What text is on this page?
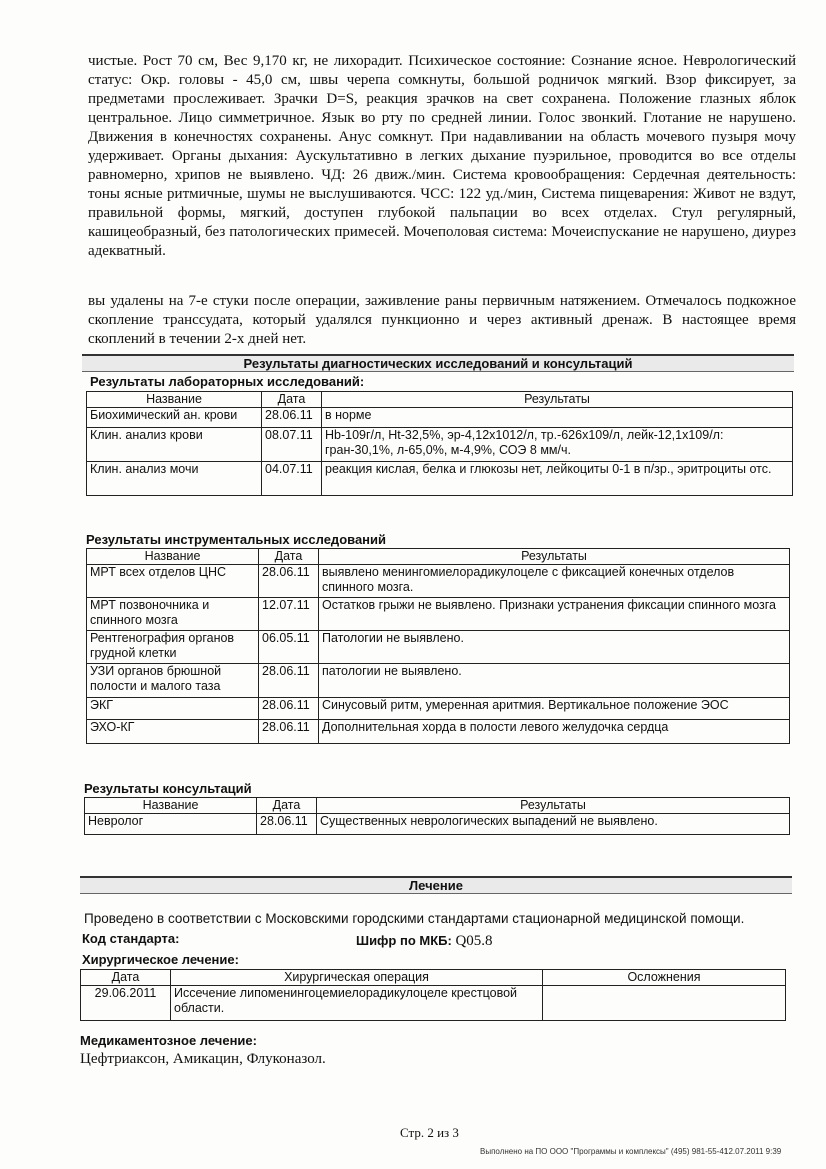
чистые. Рост 70 см, Вес 9,170 кг, не лихорадит. Психическое состояние: Сознание ясное. Неврологический статус: Окр. головы - 45,0 см, швы черепа сомкнуты, большой родничок мягкий. Взор фиксирует, за предметами прослеживает. Зрачки D=S, реакция зрачков на свет сохранена. Положение глазных яблок центральное. Лицо симметричное. Язык во рту по средней линии. Голос звонкий. Глотание не нарушено. Движения в конечностях сохранены. Анус сомкнут. При надавливании на область мочевого пузыря мочу удерживает. Органы дыхания: Аускультативно в легких дыхание пуэрильное, проводится во все отделы равномерно, хрипов не выявлено. ЧД: 26 движ./мин. Система кровообращения: Сердечная деятельность: тоны ясные ритмичные, шумы не выслушиваются. ЧСС: 122 уд./мин, Система пищеварения: Живот не вздут, правильной формы, мягкий, доступен глубокой пальпации во всех отделах. Стул регулярный, кашицеобразный, без патологических примесей. Мочеполовая система: Мочеиспускание не нарушено, диурез адекватный.

вы удалены на 7-е стуки после операции, заживление раны первичным натяжением. Отмечалось подкожное скопление транссудата, который удалялся пункционно и через активный дренаж. В настоящее время скоплений в течении 2-х дней нет.

Результаты диагностических исследований и консультаций
Результаты лабораторных исследований:
Название	Дата	Результаты
Биохимический ан. крови	28.06.11	в норме
Клин. анализ крови	08.07.11	Hb-109г/л, Ht-32,5%, эр-4,12х1012/л, тр.-626х109/л, лейк-12,1х109/л: гран-30,1%, л-65,0%, м-4,9%, СОЭ 8 мм/ч.
Клин. анализ мочи	04.07.11	реакция кислая, белка и глюкозы нет, лейкоциты 0-1 в п/зр., эритроциты отс.
Результаты инструментальных исследований
Название	Дата	Результаты
МРТ всех отделов ЦНС	28.06.11	выявлено менингомиелорадикулоцеле с фиксацией конечных отделов спинного мозга.
МРТ позвоночника и спинного мозга	12.07.11	Остатков грыжи не выявлено. Признаки устранения фиксации спинного мозга
Рентгенография органов грудной клетки	06.05.11	Патологии не выявлено.
УЗИ органов брюшной полости и малого таза	28.06.11	патологии не выявлено.
ЭКГ	28.06.11	Синусовый ритм, умеренная аритмия. Вертикальное положение ЭОС
ЭХО-КГ	28.06.11	Дополнительная хорда в полости левого желудочка сердца
Результаты консультаций
Название	Дата	Результаты
Невролог	28.06.11	Существенных неврологических выпадений не выявлено.
Лечение
Проведено в соответствии с Московскими городскими стандартами стационарной медицинской помощи.
Код стандарта:	Шифр по МКБ: Q05.8
Хирургическое лечение:
Дата	Хирургическая операция	Осложнения
29.06.2011	Иссечение липоменингоцемиелорадикулоцеле крестцовой области.	
Медикаментозное лечение:
Цефтриаксон, Амикацин, Флуконазол.
Стр. 2 из 3
Выполнено на ПО ООО "Программы и комплексы" (495) 981-55-41
12.07.2011 9:39
